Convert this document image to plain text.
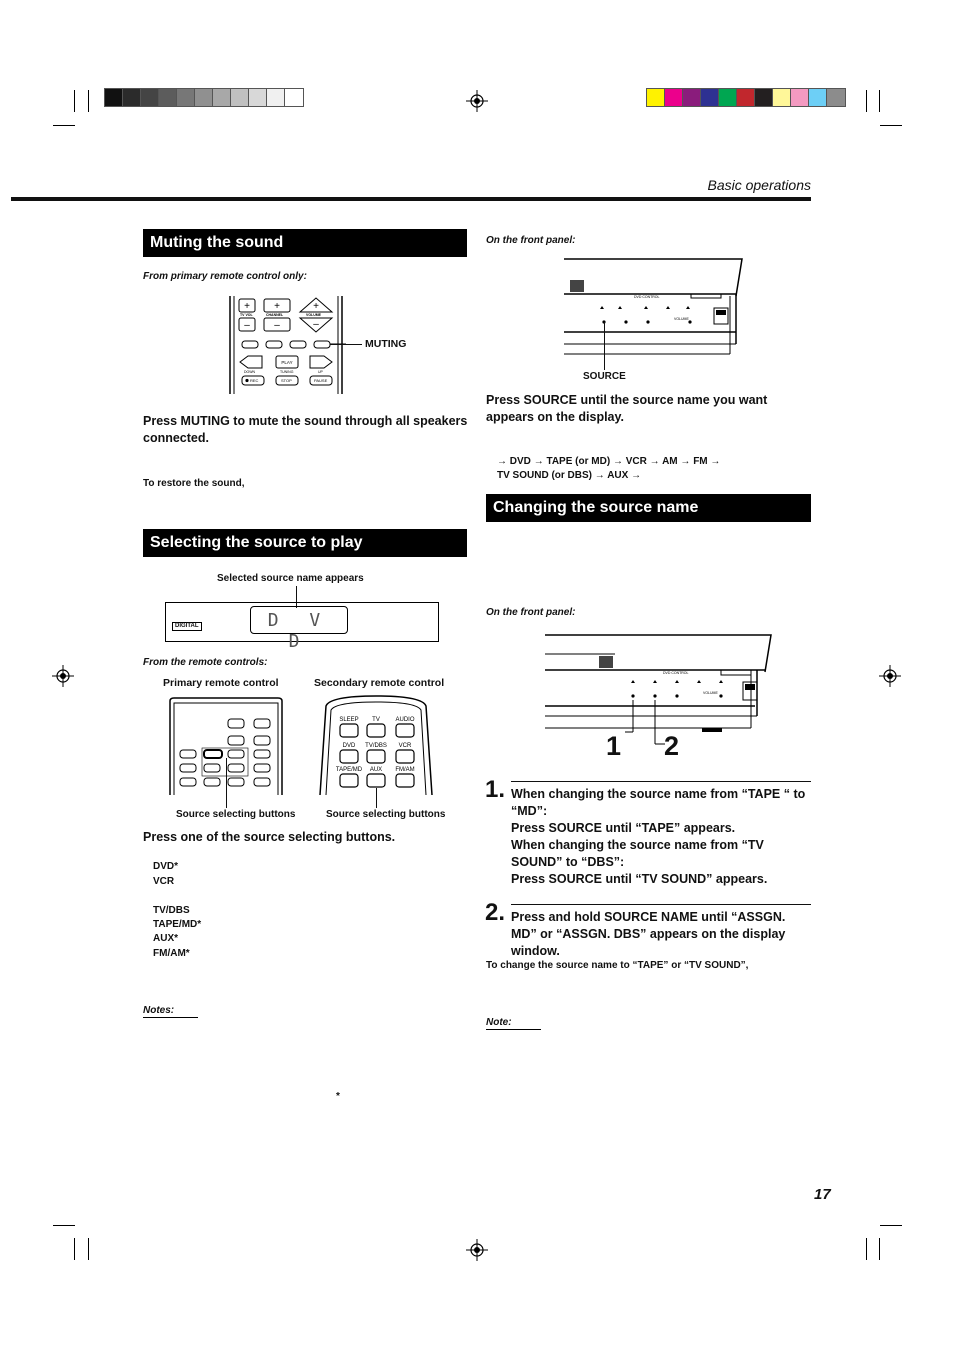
Basic operations
Muting the sound
From primary remote control only:
+
–
+
–
+
–
TV VOL	CHANNEL	VOLUME
PLAY
DOWN	TUNING	UP
REC	STOP	PAUSE
MUTING
Press MUTING to mute the sound through all speakers connected.
To restore the sound,
Selecting the source to play
Selected source name appears
DIGITAL	D V D
From the remote controls:
Primary remote control	Secondary remote control
Source selecting buttons
SLEEP TV	AUDIO
DVD TV/DBS VCR
TAPE/MD AUX FM/AM
Source selecting buttons
Press one of the source selecting buttons.
DVD*
VCR
TV/DBS
TAPE/MD*
AUX*
FM/AM*
Notes:
*
On the front panel:
DVD CONTROL
VOLUME
SOURCE
Press SOURCE until the source name you want appears on the display.
→ DVD → TAPE (or MD) → VCR → AM → FM →
TV SOUND (or DBS) → AUX →
Changing the source name
On the front panel:
DVD CONTROL
VOLUME
1 2
1. When changing the source name from “TAPE “ to “MD”:
Press SOURCE until “TAPE” appears.
When changing the source name from “TV SOUND” to “DBS”:
Press SOURCE until “TV SOUND” appears.
2. Press and hold SOURCE NAME until “ASSGN. MD” or “ASSGN. DBS” appears on the display window.
To change the source name to “TAPE” or “TV SOUND”,
Note:
17
